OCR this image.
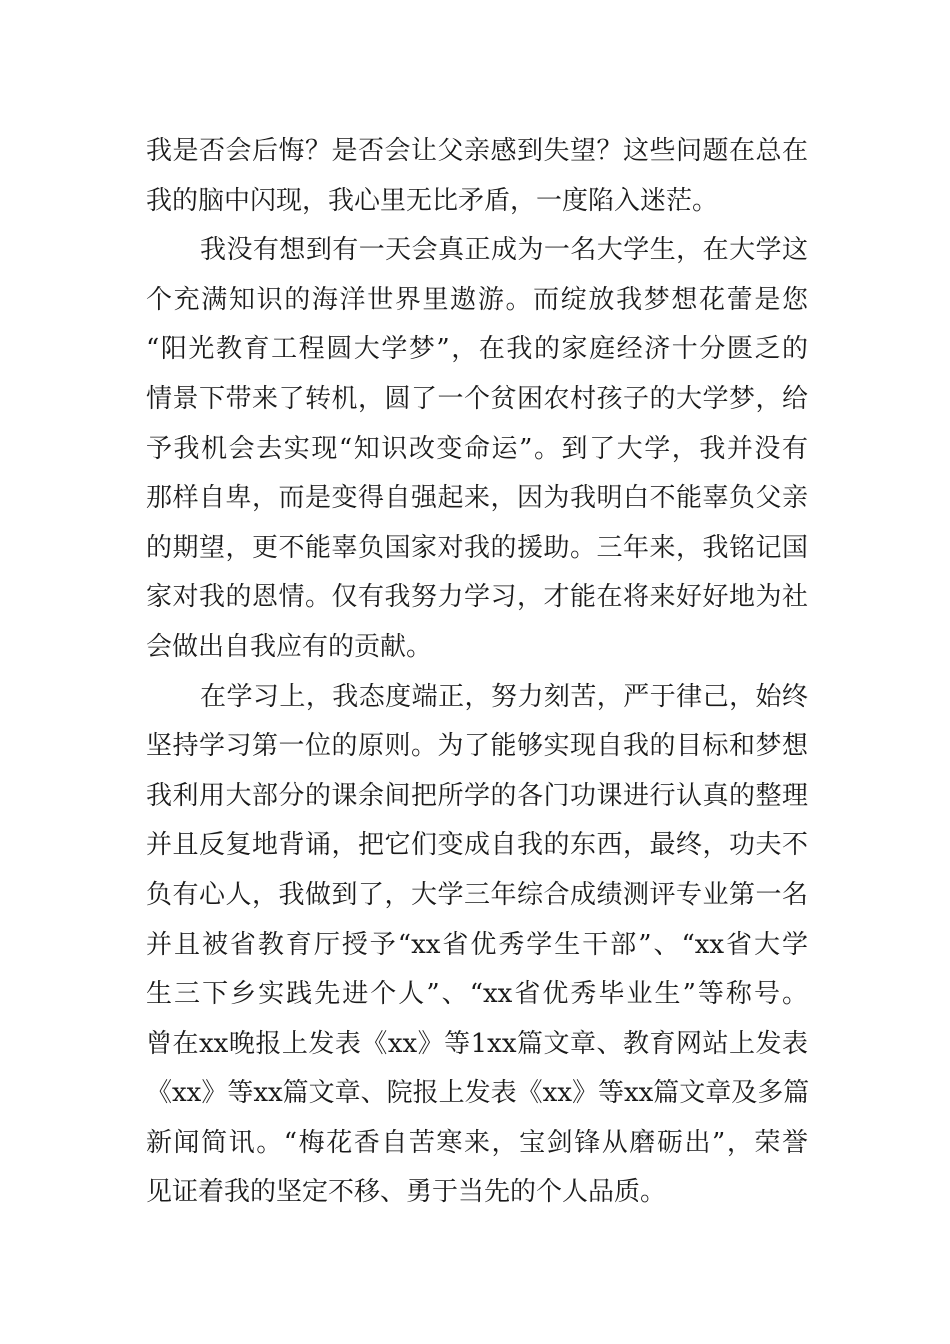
我是否会后悔？是否会让父亲感到失望？这些问题在总在
我的脑中闪现，我心里无比矛盾，一度陷入迷茫。
我没有想到有一天会真正成为一名大学生，在大学这
个充满知识的海洋世界里遨游。而绽放我梦想花蕾是您
“阳光教育工程圆大学梦”，在我的家庭经济十分匮乏的
情景下带来了转机，圆了一个贫困农村孩子的大学梦，给
予我机会去实现“知识改变命运”。到了大学，我并没有
那样自卑，而是变得自强起来，因为我明白不能辜负父亲
的期望，更不能辜负国家对我的援助。三年来，我铭记国
家对我的恩情。仅有我努力学习，才能在将来好好地为社
会做出自我应有的贡献。
在学习上，我态度端正，努力刻苦，严于律己，始终
坚持学习第一位的原则。为了能够实现自我的目标和梦想
我利用大部分的课余间把所学的各门功课进行认真的整理
并且反复地背诵，把它们变成自我的东西，最终，功夫不
负有心人，我做到了，大学三年综合成绩测评专业第一名
并且被省教育厅授予“xx省优秀学生干部”、“xx省大学
生三下乡实践先进个人”、“xx省优秀毕业生”等称号。
曾在xx晚报上发表《xx》等1xx篇文章、教育网站上发表
《xx》等xx篇文章、院报上发表《xx》等xx篇文章及多篇
新闻简讯。“梅花香自苦寒来，宝剑锋从磨砺出”，荣誉
见证着我的坚定不移、勇于当先的个人品质。
